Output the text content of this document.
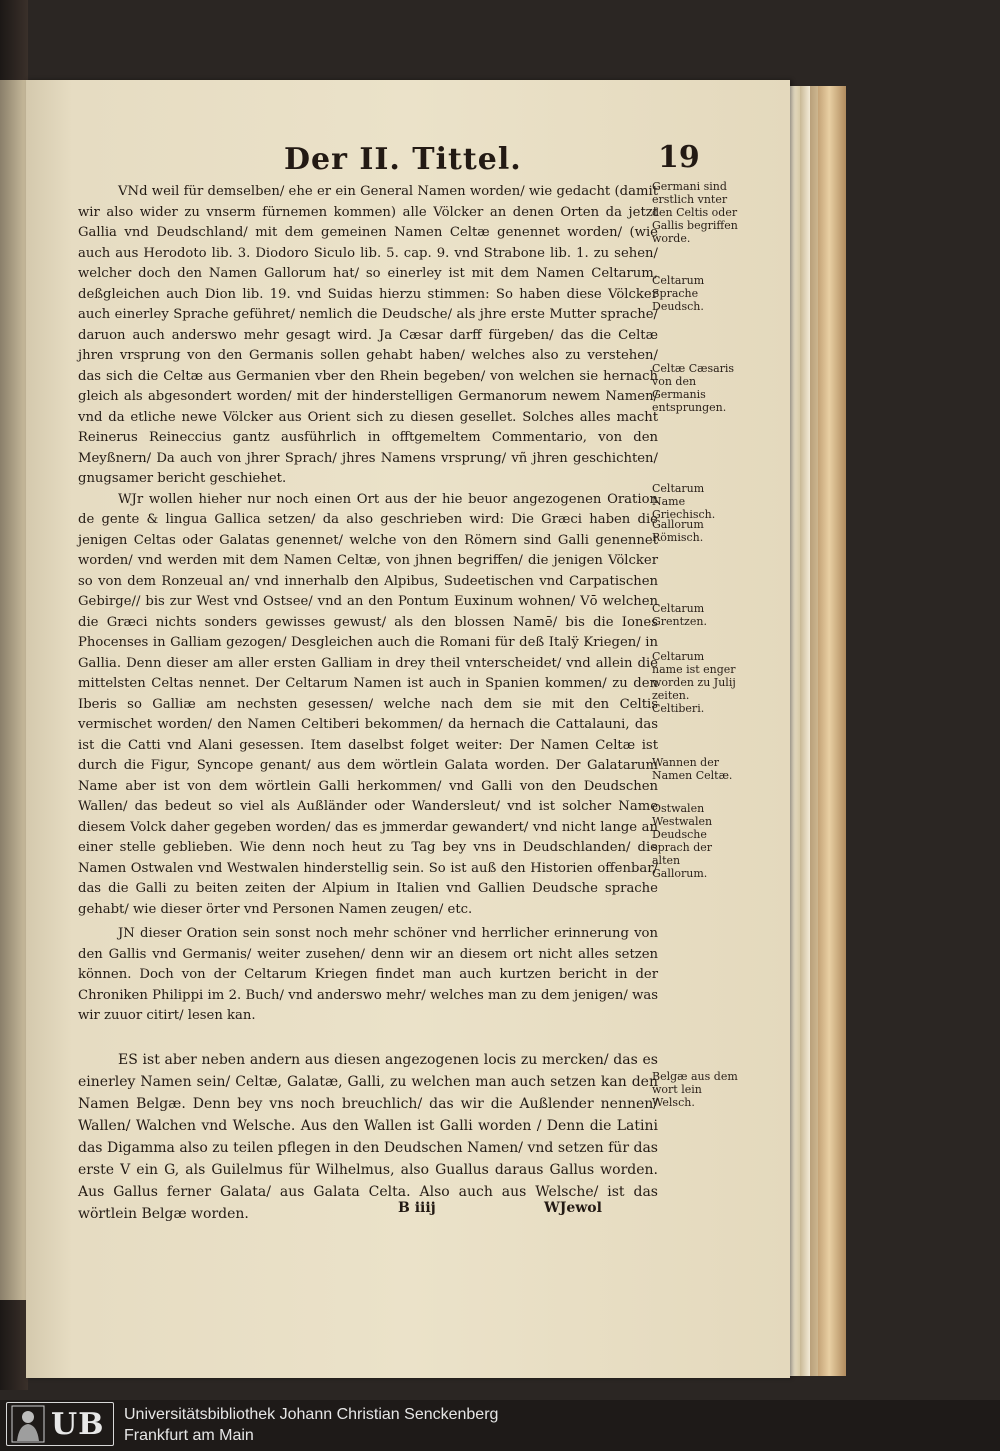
Der II. Tittel.	19

VNd weil für demselben/ ehe er ein General Namen worden/ wie gedacht (damit wir also wider zu vnserm fürnemen kommen) alle Völcker an denen Orten da jetzt Gallia vnd Deudschland/ mit dem gemeinen Namen Celtæ genennet worden/ (wie auch aus Herodoto lib. 3. Diodoro Siculo lib. 5. cap. 9. vnd Strabone lib. 1. zu sehen/ welcher doch den Namen Gallorum hat/ so einerley ist mit dem Namen Celtarum, deßgleichen auch Dion lib. 19. vnd Suidas hierzu stimmen: So haben diese Völcker auch einerley Sprache geführet/ nemlich die Deudsche/ als jhre erste Mutter sprache/ daruon auch anderswo mehr gesagt wird. Ja Cæsar darff fürgeben/ das die Celtæ jhren vrsprung von den Germanis sollen gehabt haben/ welches also zu verstehen/ das sich die Celtæ aus Germanien vber den Rhein begeben/ von welchen sie hernach gleich als abgesondert worden/ mit der hinderstelligen Germanorum newem Namen/ vnd da etliche newe Völcker aus Orient sich zu diesen gesellet. Solches alles macht Reinerus Reineccius gantz ausführlich in offtgemeltem Commentario, von den Meyßnern/ Da auch von jhrer Sprach/ jhres Namens vrsprung/ vñ jhren geschichten/ gnugsamer bericht geschiehet.

WJr wollen hieher nur noch einen Ort aus der hie beuor angezogenen Oration de gente & lingua Gallica setzen/ da also geschrieben wird: Die Græci haben die jenigen Celtas oder Galatas genennet/ welche von den Römern sind Galli genennet worden/ vnd werden mit dem Namen Celtæ, von jhnen begriffen/ die jenigen Völcker so von dem Ronzeual an/ vnd innerhalb den Alpibus, Sudeetischen vnd Carpatischen Gebirge// bis zur West vnd Ostsee/ vnd an den Pontum Euxinum wohnen/ Vō welchen die Græci nichts sonders gewisses gewust/ als den blossen Namē/ bis die Iones Phocenses in Galliam gezogen/ Desgleichen auch die Romani für deß Italÿ Kriegen/ in Gallia. Denn dieser am aller ersten Galliam in drey theil vnterscheidet/ vnd allein die mittelsten Celtas nennet. Der Celtarum Namen ist auch in Spanien kommen/ zu den Iberis so Galliæ am nechsten gesessen/ welche nach dem sie mit den Celtis vermischet worden/ den Namen Celtiberi bekommen/ da hernach die Cattalauni, das ist die Catti vnd Alani gesessen. Item daselbst folget weiter: Der Namen Celtæ ist durch die Figur, Syncope genant/ aus dem wörtlein Galata worden. Der Galatarum Name aber ist von dem wörtlein Galli herkommen/ vnd Galli von den Deudschen Wallen/ das bedeut so viel als Außländer oder Wandersleut/ vnd ist solcher Name diesem Volck daher gegeben worden/ das es jmmerdar gewandert/ vnd nicht lange an einer stelle geblieben. Wie denn noch heut zu Tag bey vns in Deudschlanden/ die Namen Ostwalen vnd Westwalen hinderstellig sein. So ist auß den Historien offenbar/ das die Galli zu beiten zeiten der Alpium in Italien vnd Gallien Deudsche sprache gehabt/ wie dieser örter vnd Personen Namen zeugen/ etc.

JN dieser Oration sein sonst noch mehr schöner vnd herrlicher erinnerung von den Gallis vnd Germanis/ weiter zusehen/ denn wir an diesem ort nicht alles setzen können. Doch von der Celtarum Kriegen findet man auch kurtzen bericht in der Chroniken Philippi im 2. Buch/ vnd anderswo mehr/ welches man zu dem jenigen/ was wir zuuor citirt/ lesen kan.

ES ist aber neben andern aus diesen angezogenen locis zu mercken/ das es einerley Namen sein/ Celtæ, Galatæ, Galli, zu welchen man auch setzen kan den Namen Belgæ. Denn bey vns noch breuchlich/ das wir die Außlender nennen/ Wallen/ Walchen vnd Welsche. Aus den Wallen ist Galli worden / Denn die Latini das Digamma also zu teilen pflegen in den Deudschen Namen/ vnd setzen für das erste V ein G, als Guilelmus für Wilhelmus, also Guallus daraus Gallus worden. Aus Gallus ferner Galata/ aus Galata Celta. Also auch aus Welsche/ ist das wörtlein Belgæ worden.

Germani sind erstlich vnter den Celtis oder Gallis begriffen worde.
Celtarum Sprache Deudsch.
Celtæ Cæsaris von den Germanis entsprungen.
Celtarum Name Griechisch.
Gallorum Römisch.
Celtarum Grentzen.
Celtarum name ist enger worden zu Julij zeiten. Celtiberi.
Wannen der Namen Celtæ.
Ostwalen Westwalen Deudsche sprach der alten Gallorum.
Belgæ aus dem wort lein Welsch.
B iiij	WJewol
UB Universitätsbibliothek Johann Christian Senckenberg
Frankfurt am Main
